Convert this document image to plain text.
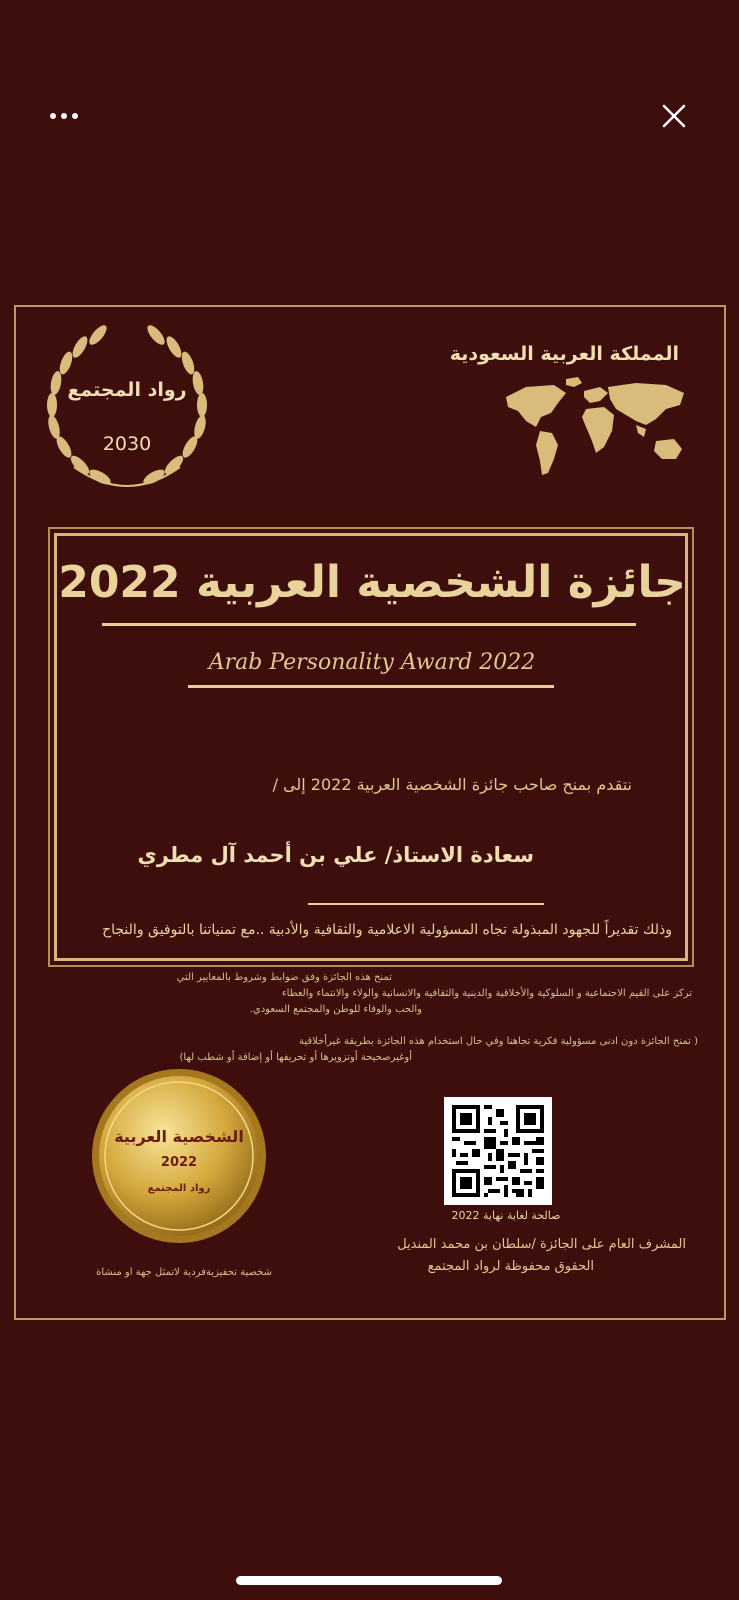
المملكة العربية السعودية
رواد المجتمع
2030
جائزة الشخصية العربية 2022
Arab Personality Award 2022
نتقدم بمنح صاحب جائزة الشخصية العربية 2022 إلى /
سعادة الاستاذ/ علي بن أحمد آل مطري
وذلك تقديراً للجهود المبذولة تجاه المسؤولية الاعلامية والثقافية والأدبية ..مع تمنياتنا بالتوفيق والنجاح
تمنح هذه الجائزة وفق ضوابط وشروط بالمعايير التي
تركز على القيم الاجتماعية و السلوكية والأخلاقية والدينية والثقافية والانسانية والولاء والانتماء والعطاء
والحب والوفاء للوطن والمجتمع السعودي.
( تمنح الجائزة دون ادنى مسؤولية فكرية تجاهنا وفي حال استخدام هذه الجائزة بطريقة غيرأخلاقية
أوغيرصحيحة أوتزويرها أو تحريفها أو إضافة أو شطب لها)
الشخصية العربية
2022
رواد المجتمع
صالحة لغاية نهاية 2022
المشرف العام على الجائزة /سلطان بن محمد المنديل
الحقوق محفوظة لرواد المجتمع
شخصية تحفيزيةفردية لاتمثل جهة او منشاة
